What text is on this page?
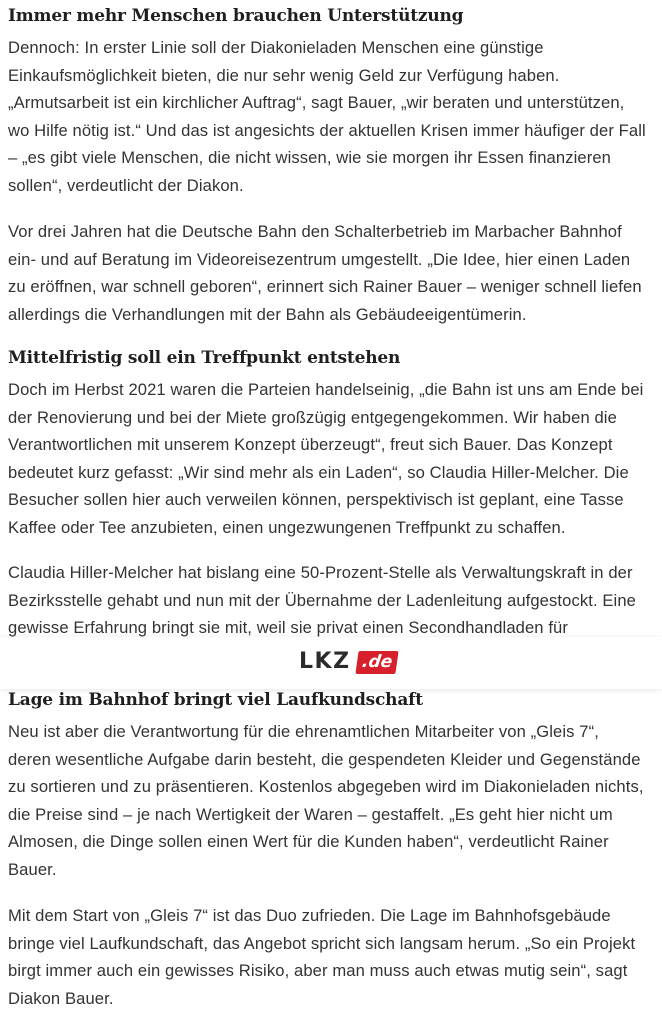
Immer mehr Menschen brauchen Unterstützung

Dennoch: In erster Linie soll der Diakonieladen Menschen eine günstige
Einkaufsmöglichkeit bieten, die nur sehr wenig Geld zur Verfügung haben.
„Armutsarbeit ist ein kirchlicher Auftrag“, sagt Bauer, „wir beraten und unterstützen,
wo Hilfe nötig ist.“ Und das ist angesichts der aktuellen Krisen immer häufiger der Fall
– „es gibt viele Menschen, die nicht wissen, wie sie morgen ihr Essen finanzieren
sollen“, verdeutlicht der Diakon.

Vor drei Jahren hat die Deutsche Bahn den Schalterbetrieb im Marbacher Bahnhof
ein- und auf Beratung im Videoreisezentrum umgestellt. „Die Idee, hier einen Laden
zu eröffnen, war schnell geboren“, erinnert sich Rainer Bauer – weniger schnell liefen
allerdings die Verhandlungen mit der Bahn als Gebäudeeigentümerin.

Mittelfristig soll ein Treffpunkt entstehen

Doch im Herbst 2021 waren die Parteien handelseinig, „die Bahn ist uns am Ende bei
der Renovierung und bei der Miete großzügig entgegengekommen. Wir haben die
Verantwortlichen mit unserem Konzept überzeugt“, freut sich Bauer. Das Konzept
bedeutet kurz gefasst: „Wir sind mehr als ein Laden“, so Claudia Hiller-Melcher. Die
Besucher sollen hier auch verweilen können, perspektivisch ist geplant, eine Tasse
Kaffee oder Tee anzubieten, einen ungezwungenen Treffpunkt zu schaffen.

Claudia Hiller-Melcher hat bislang eine 50-Prozent-Stelle als Verwaltungskraft in der
Bezirksstelle gehabt und nun mit der Übernahme der Ladenleitung aufgestockt. Eine
gewisse Erfahrung bringt sie mit, weil sie privat einen Secondhandladen für

LKZ .de
Lage im Bahnhof bringt viel Laufkundschaft

Neu ist aber die Verantwortung für die ehrenamtlichen Mitarbeiter von „Gleis 7“,
deren wesentliche Aufgabe darin besteht, die gespendeten Kleider und Gegenstände
zu sortieren und zu präsentieren. Kostenlos abgegeben wird im Diakonieladen nichts,
die Preise sind – je nach Wertigkeit der Waren – gestaffelt. „Es geht hier nicht um
Almosen, die Dinge sollen einen Wert für die Kunden haben“, verdeutlicht Rainer
Bauer.

Mit dem Start von „Gleis 7“ ist das Duo zufrieden. Die Lage im Bahnhofsgebäude
bringe viel Laufkundschaft, das Angebot spricht sich langsam herum. „So ein Projekt
birgt immer auch ein gewisses Risiko, aber man muss auch etwas mutig sein“, sagt
Diakon Bauer.
